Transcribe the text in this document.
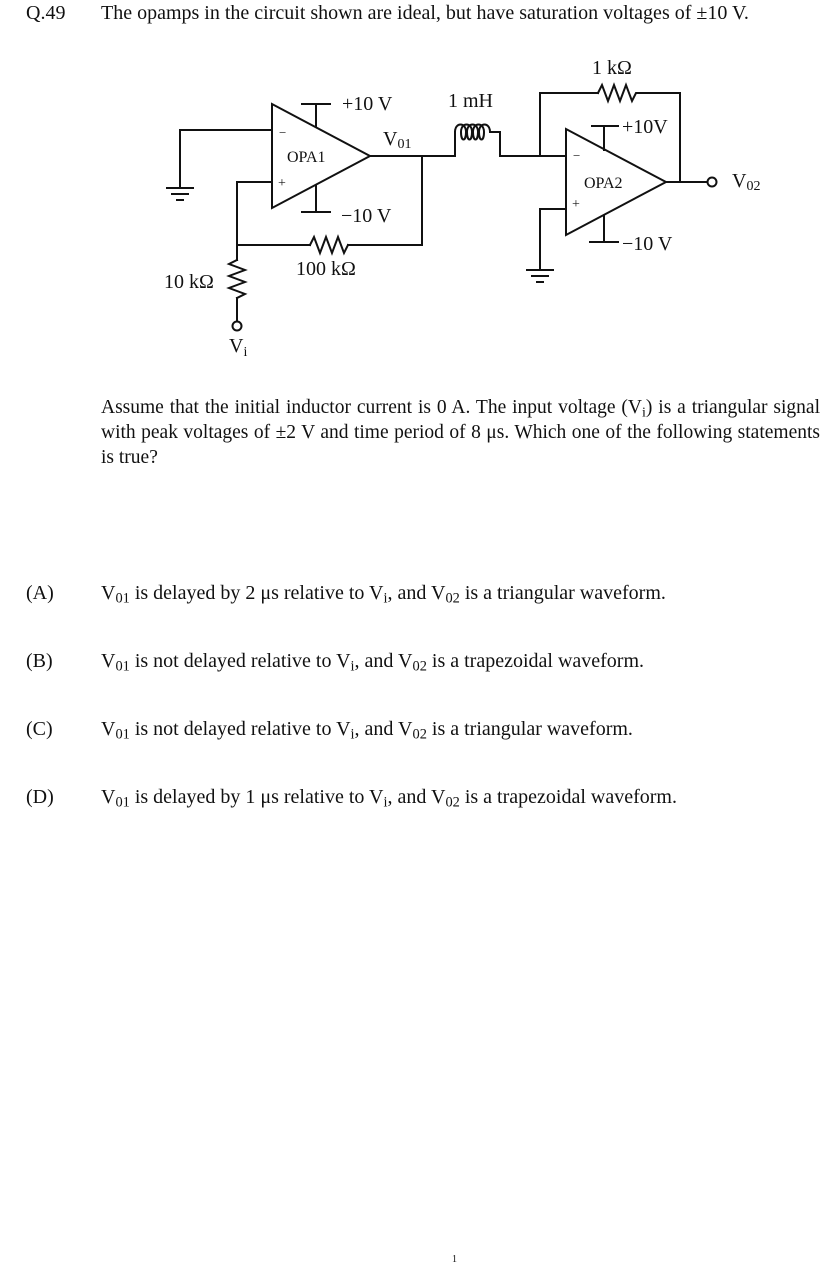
Q.49 The opamps in the circuit shown are ideal, but have saturation voltages of ±10 V.
−
+
OPA1
+10 V
−10 V
V01
−
+
OPA2
+10V
−10 V
V02
1 mH
1 kΩ
100 kΩ
10 kΩ
$V_i$
Assume that the initial inductor current is 0 A. The input voltage $(V_i)$ is a triangular signal with peak voltages of ±2 V and time period of 8 μs. Which one of the following statements is true?
(A) $V_{01}$ is delayed by 2 μs relative to $V_i$, and $V_{02}$ is a triangular waveform.
(B) $V_{01}$ is not delayed relative to $V_i$, and $V_{02}$ is a trapezoidal waveform.
(C) $V_{01}$ is not delayed relative to $V_i$, and $V_{02}$ is a triangular waveform.
(D) $V_{01}$ is delayed by 1 μs relative to $V_i$, and $V_{02}$ is a trapezoidal waveform.
1
